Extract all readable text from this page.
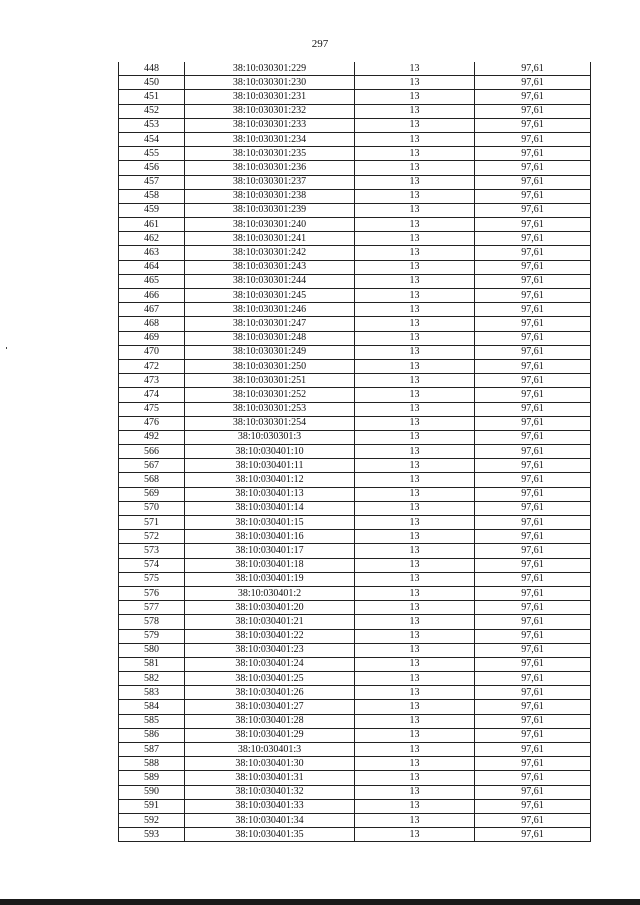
297
448	38:10:030301:229	13	97,61
450	38:10:030301:230	13	97,61
451	38:10:030301:231	13	97,61
452	38:10:030301:232	13	97,61
453	38:10:030301:233	13	97,61
454	38:10:030301:234	13	97,61
455	38:10:030301:235	13	97,61
456	38:10:030301:236	13	97,61
457	38:10:030301:237	13	97,61
458	38:10:030301:238	13	97,61
459	38:10:030301:239	13	97,61
461	38:10:030301:240	13	97,61
462	38:10:030301:241	13	97,61
463	38:10:030301:242	13	97,61
464	38:10:030301:243	13	97,61
465	38:10:030301:244	13	97,61
466	38:10:030301:245	13	97,61
467	38:10:030301:246	13	97,61
468	38:10:030301:247	13	97,61
469	38:10:030301:248	13	97,61
470	38:10:030301:249	13	97,61
472	38:10:030301:250	13	97,61
473	38:10:030301:251	13	97,61
474	38:10:030301:252	13	97,61
475	38:10:030301:253	13	97,61
476	38:10:030301:254	13	97,61
492	38:10:030301:3	13	97,61
566	38:10:030401:10	13	97,61
567	38:10:030401:11	13	97,61
568	38:10:030401:12	13	97,61
569	38:10:030401:13	13	97,61
570	38:10:030401:14	13	97,61
571	38:10:030401:15	13	97,61
572	38:10:030401:16	13	97,61
573	38:10:030401:17	13	97,61
574	38:10:030401:18	13	97,61
575	38:10:030401:19	13	97,61
576	38:10:030401:2	13	97,61
577	38:10:030401:20	13	97,61
578	38:10:030401:21	13	97,61
579	38:10:030401:22	13	97,61
580	38:10:030401:23	13	97,61
581	38:10:030401:24	13	97,61
582	38:10:030401:25	13	97,61
583	38:10:030401:26	13	97,61
584	38:10:030401:27	13	97,61
585	38:10:030401:28	13	97,61
586	38:10:030401:29	13	97,61
587	38:10:030401:3	13	97,61
588	38:10:030401:30	13	97,61
589	38:10:030401:31	13	97,61
590	38:10:030401:32	13	97,61
591	38:10:030401:33	13	97,61
592	38:10:030401:34	13	97,61
593	38:10:030401:35	13	97,61
